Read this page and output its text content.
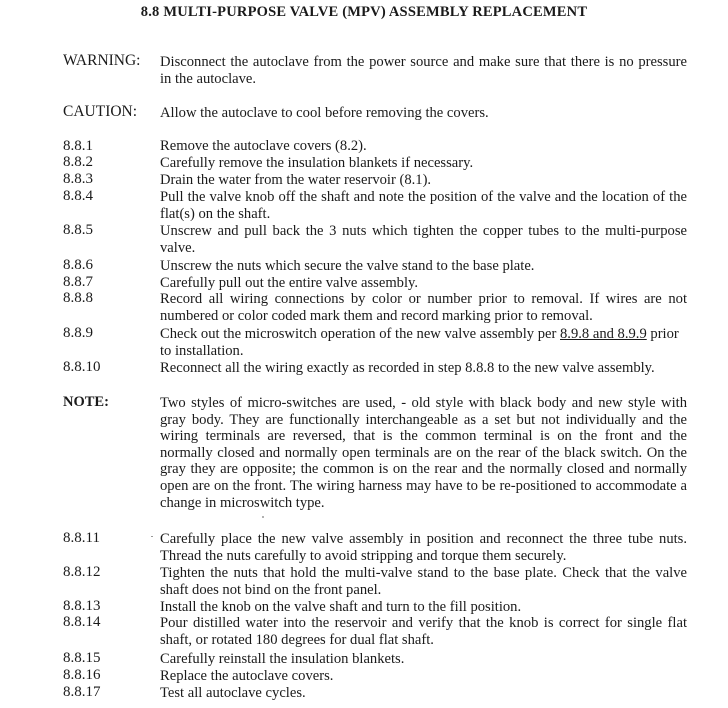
8.8 MULTI-PURPOSE VALVE (MPV) ASSEMBLY REPLACEMENT
WARNING: Disconnect the autoclave from the power source and make sure that there is no pressure in the autoclave.
CAUTION: Allow the autoclave to cool before removing the covers.
8.8.1	Remove the autoclave covers (8.2).
8.8.2	Carefully remove the insulation blankets if necessary.
8.8.3	Drain the water from the water reservoir (8.1).
8.8.4	Pull the valve knob off the shaft and note the position of the valve and the location of the flat(s) on the shaft.
8.8.5	Unscrew and pull back the 3 nuts which tighten the copper tubes to the multi-purpose valve.
8.8.6	Unscrew the nuts which secure the valve stand to the base plate.
8.8.7	Carefully pull out the entire valve assembly.
8.8.8	Record all wiring connections by color or number prior to removal. If wires are not numbered or color coded mark them and record marking prior to removal.
8.8.9	Check out the microswitch operation of the new valve assembly per 8.9.8 and 8.9.9 prior to installation.
8.8.10	Reconnect all the wiring exactly as recorded in step 8.8.8 to the new valve assembly.
NOTE:	Two styles of micro-switches are used, - old style with black body and new style with gray body. They are functionally interchangeable as a set but not individually and the wiring terminals are reversed, that is the common terminal is on the front and the normally closed and normally open terminals are on the rear of the black switch. On the gray they are opposite; the common is on the rear and the normally closed and normally open are on the front. The wiring harness may have to be re-positioned to accommodate a change in microswitch type.
8.8.11	Carefully place the new valve assembly in position and reconnect the three tube nuts. Thread the nuts carefully to avoid stripping and torque them securely.
8.8.12	Tighten the nuts that hold the multi-valve stand to the base plate. Check that the valve shaft does not bind on the front panel.
8.8.13	Install the knob on the valve shaft and turn to the fill position.
8.8.14	Pour distilled water into the reservoir and verify that the knob is correct for single flat shaft, or rotated 180 degrees for dual flat shaft.
8.8.15	Carefully reinstall the insulation blankets.
8.8.16	Replace the autoclave covers.
8.8.17	Test all autoclave cycles.
